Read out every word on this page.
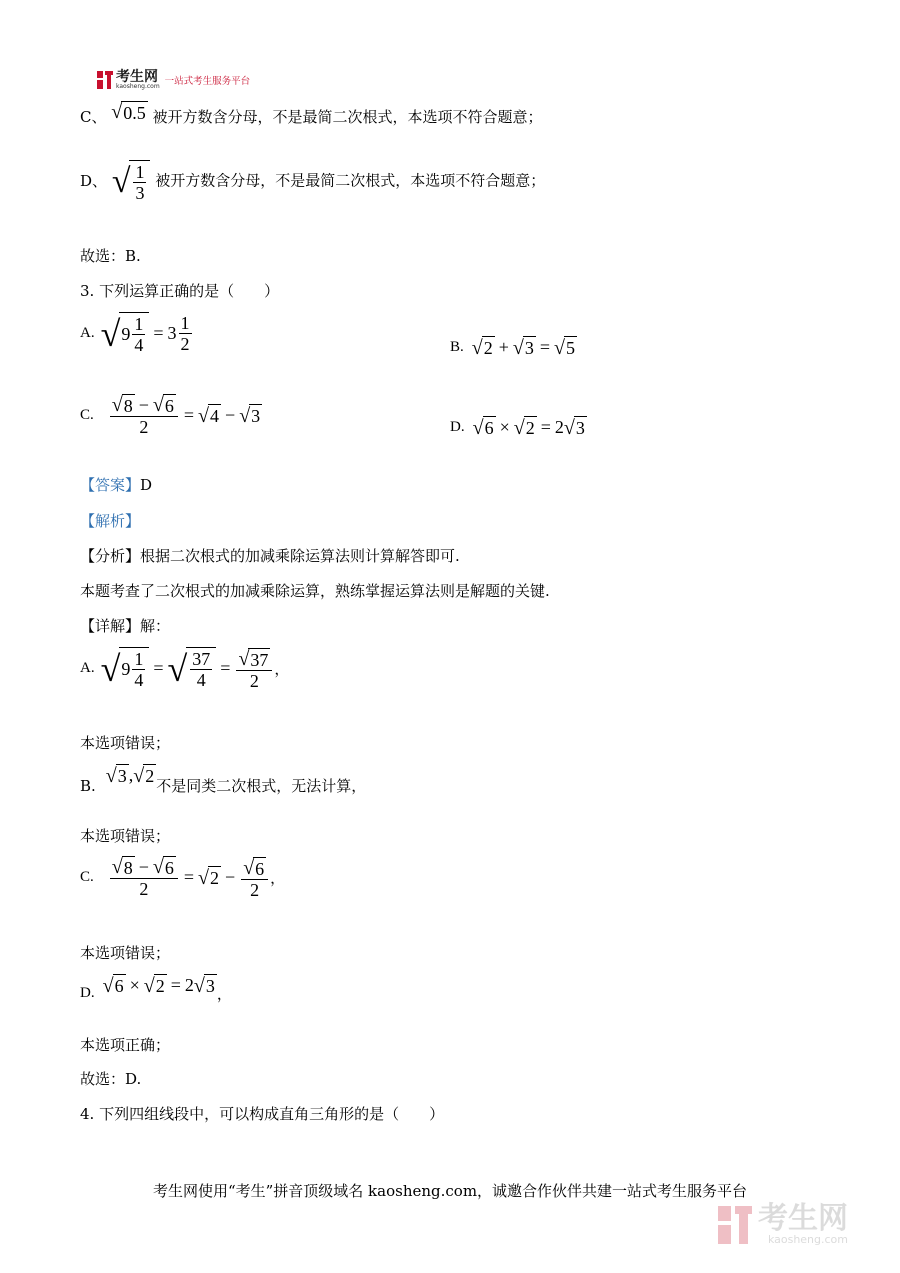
考生网
kaosheng.com 一站式考生服务平台
C、 √ 0.5 被开方数含分母，不是最简二次根式，本选项不符合题意；
D、 √ $\frac{1}{3}$ 被开方数含分母，不是最简二次根式，本选项不符合题意；
故选：B.
3. 下列运算正确的是（　　）
A. √ $9 \frac{1}{4} = 3 \frac{1}{2}$	B. √ 2 + √ 3 = √ 5
C. $\frac{√ 8 - √ 6}{2}$ = √ 4 − √ 3
D. √ 6 × √ 2 = 2 √ 3
【答案】D
【解析】
【分析】根据二次根式的加减乘除运算法则计算解答即可.
本题考查了二次根式的加减乘除运算，熟练掌握运算法则是解题的关键.
【详解】解：
A. √ $9 \frac{1}{4}$ = √ $\frac{37}{4} = \frac{√ 37}{2}$ ，
本选项错误；
B. √ 3 , √ 2 不是同类二次根式，无法计算，
本选项错误；
C. $\frac{√ 8 - √ 6}{2}$ = √ $2 - \frac{√ 6}{2}$ ，
本选项错误；
D. √ 6 × √ 2 = 2 √ 3 ，
本选项正确；
故选：D.
4. 下列四组线段中，可以构成直角三角形的是（　　）
考生网使用“考生”拼音顶级域名 kaosheng.com，诚邀合作伙伴共建一站式考生服务平台
考生网
kaosheng.com
